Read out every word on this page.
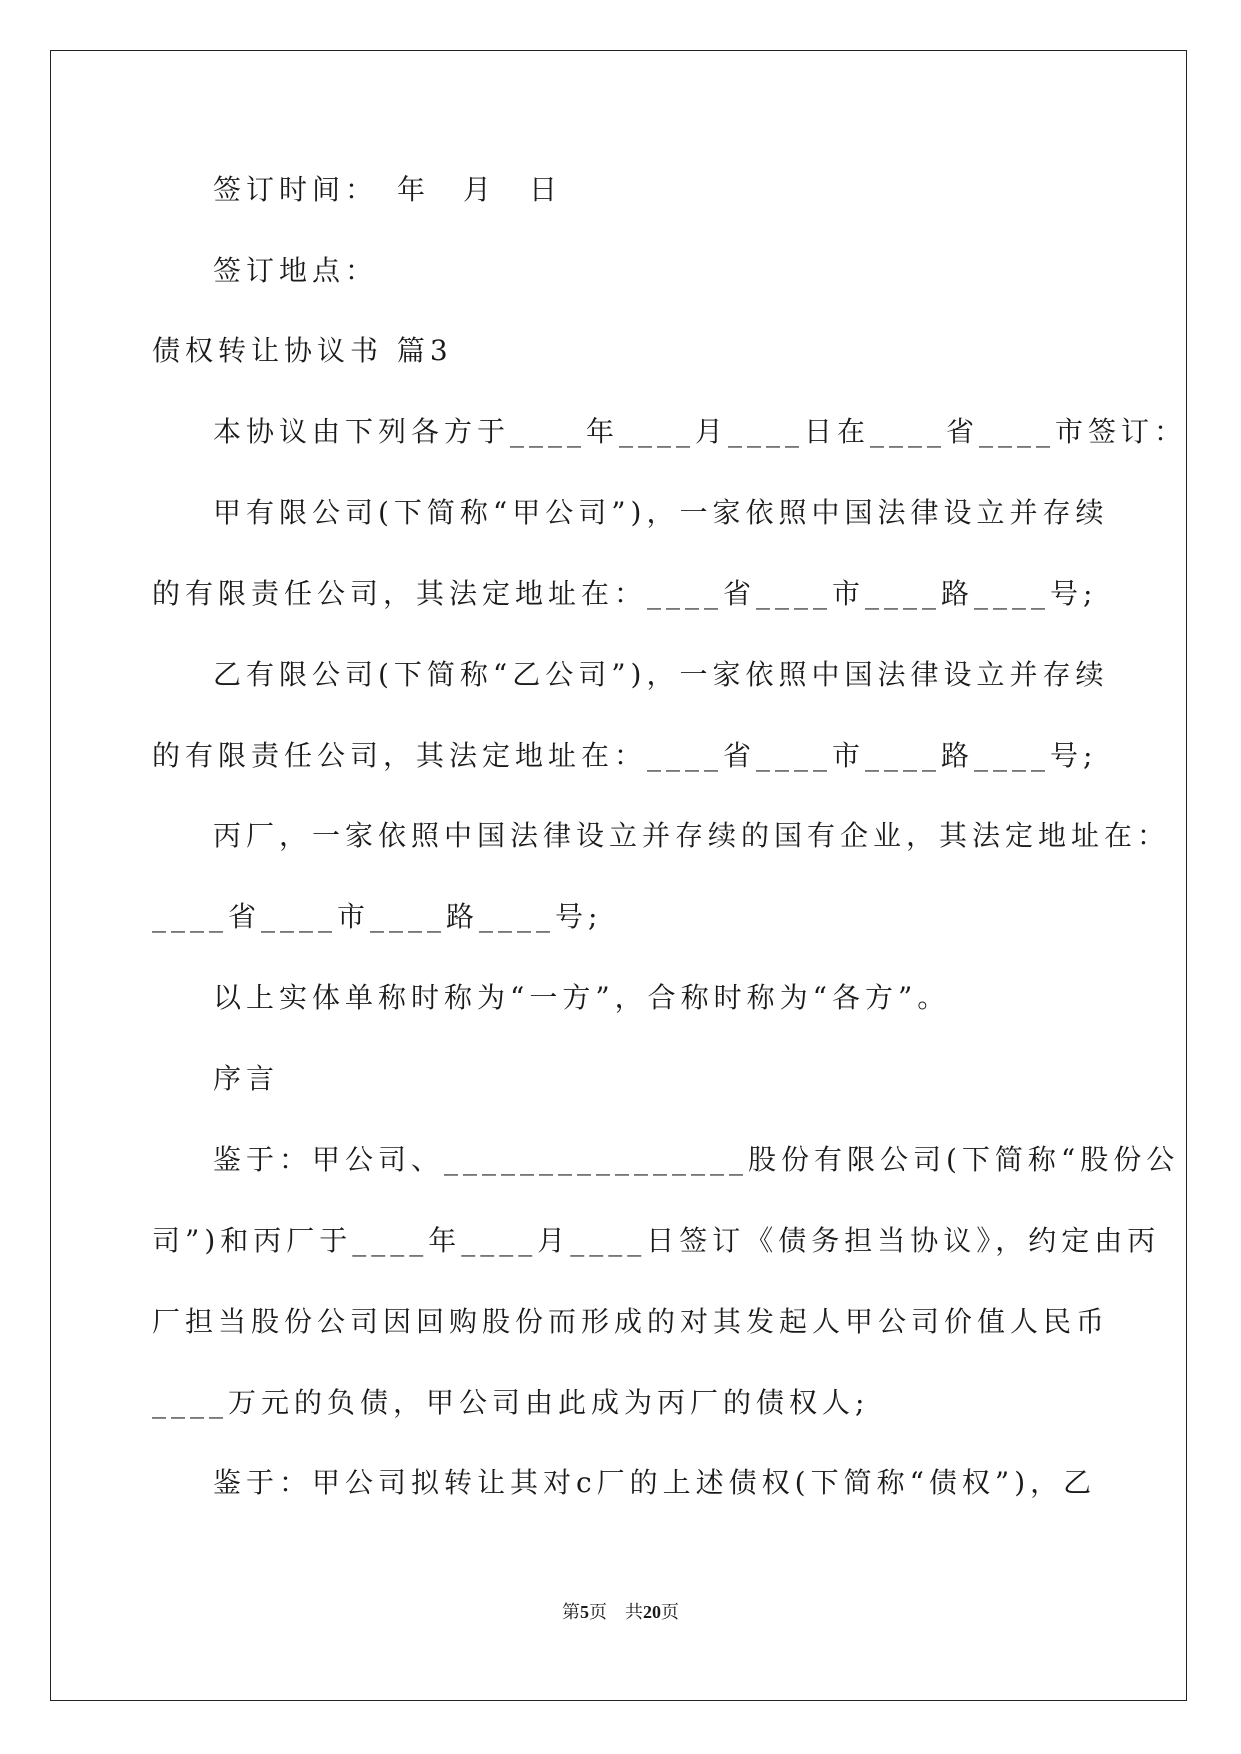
签订时间：　年　月　日
签订地点：
债权转让协议书 篇3
本协议由下列各方于____年____月____日在____省____市签订：
甲有限公司(下简称“甲公司”)，一家依照中国法律设立并存续
的有限责任公司，其法定地址在：____省____市____路____号;
乙有限公司(下简称“乙公司”)，一家依照中国法律设立并存续
的有限责任公司，其法定地址在：____省____市____路____号;
丙厂，一家依照中国法律设立并存续的国有企业，其法定地址在：
____省____市____路____号;
以上实体单称时称为“一方”，合称时称为“各方”。
序言
鉴于：甲公司、________________股份有限公司(下简称“股份公
司”)和丙厂于____年____月____日签订《债务担当协议》，约定由丙
厂担当股份公司因回购股份而形成的对其发起人甲公司价值人民币
____万元的负债，甲公司由此成为丙厂的债权人;
鉴于：甲公司拟转让其对c厂的上述债权(下简称“债权”)，乙
第5页　共20页
